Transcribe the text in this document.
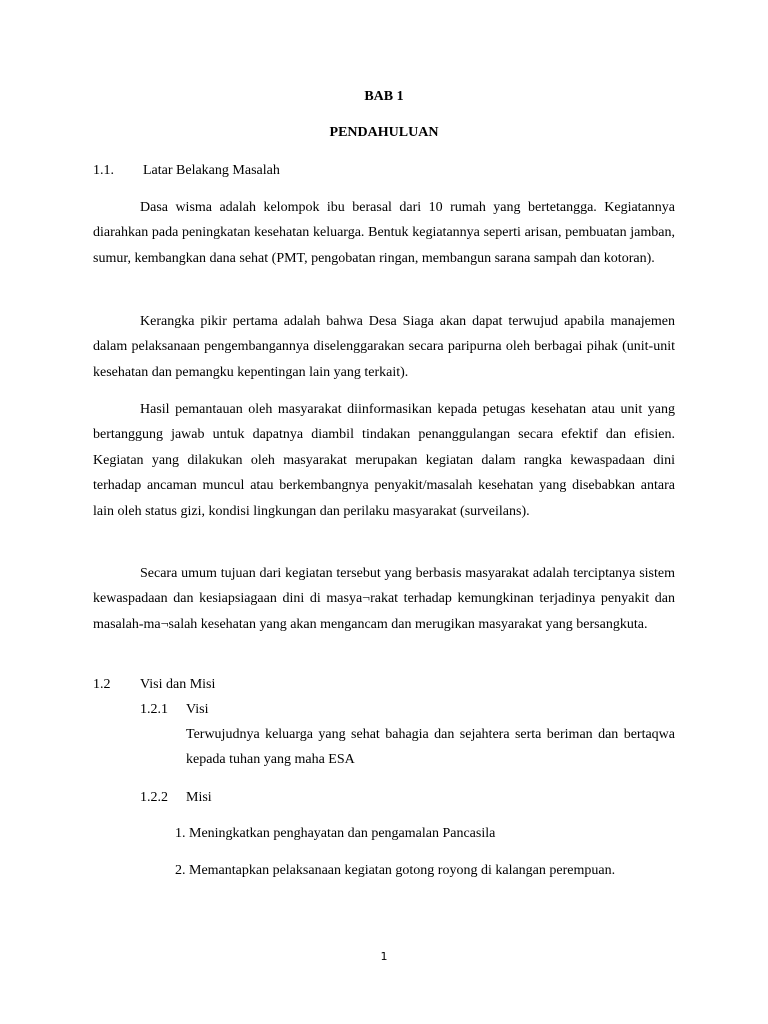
BAB 1
PENDAHULUAN
1.1. Latar Belakang Masalah
Dasa wisma adalah kelompok ibu berasal dari 10 rumah yang bertetangga. Kegiatannya diarahkan pada peningkatan kesehatan keluarga. Bentuk kegiatannya seperti arisan, pembuatan jamban, sumur, kembangkan dana sehat (PMT, pengobatan ringan, membangun sarana sampah dan kotoran).
Kerangka pikir pertama adalah bahwa Desa Siaga akan dapat terwujud apabila manajemen dalam pelaksanaan pengembangannya diselenggarakan secara paripurna oleh berbagai pihak (unit-unit kesehatan dan pemangku kepentingan lain yang terkait).
Hasil pemantauan oleh masyarakat diinformasikan kepada petugas kesehatan atau unit yang bertanggung jawab untuk dapatnya diambil tindakan penanggulangan secara efektif dan efisien. Kegiatan yang dilakukan oleh masyarakat merupakan kegiatan dalam rangka kewaspadaan dini terhadap ancaman muncul atau berkembangnya penyakit/masalah kesehatan yang disebabkan antara lain oleh status gizi, kondisi lingkungan dan perilaku masyarakat (surveilans).
Secara umum tujuan dari kegiatan tersebut yang berbasis masyarakat adalah terciptanya sistem kewaspadaan dan kesiapsiagaan dini di masya¬rakat terhadap kemungkinan terjadinya penyakit dan masalah-ma¬salah kesehatan yang akan mengancam dan merugikan masyarakat yang bersangkuta.
1.2 Visi dan Misi
1.2.1 Visi
Terwujudnya keluarga yang sehat bahagia dan sejahtera serta beriman dan bertaqwa kepada tuhan yang maha ESA
1.2.2 Misi
1. Meningkatkan penghayatan dan pengamalan Pancasila
2. Memantapkan pelaksanaan kegiatan gotong royong di kalangan perempuan.
1
